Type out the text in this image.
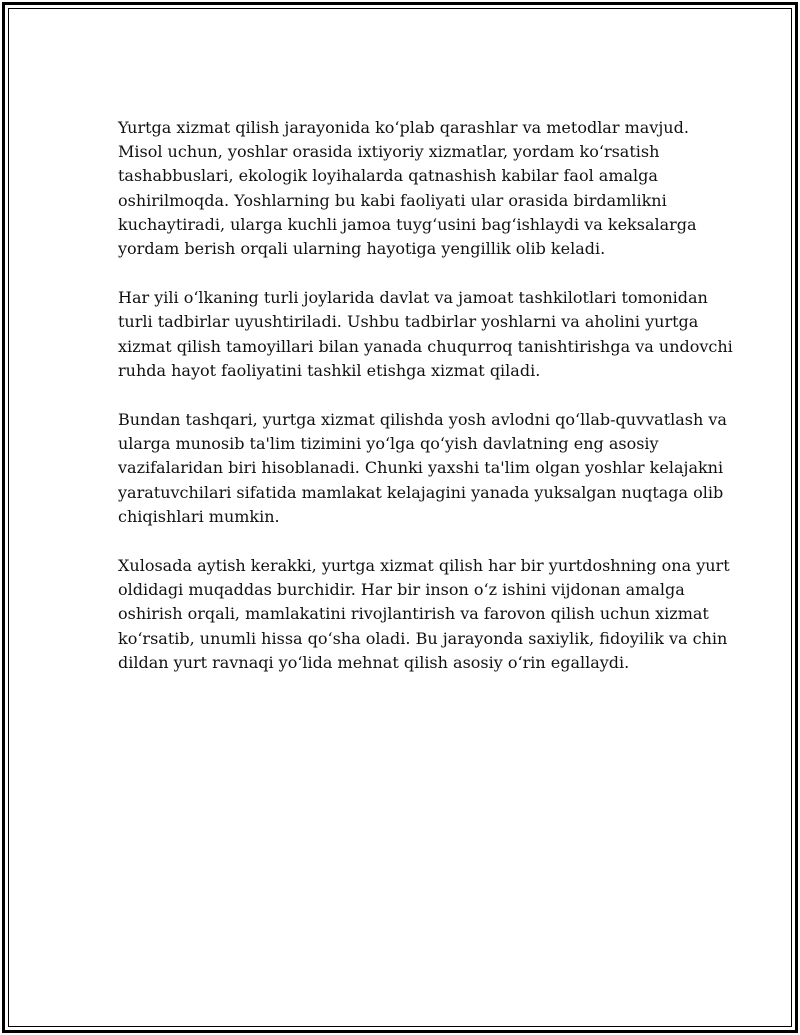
Yurtga xizmat qilish jarayonida ko‘plab qarashlar va metodlar mavjud.
Misol uchun, yoshlar orasida ixtiyoriy xizmatlar, yordam ko‘rsatish
tashabbuslari, ekologik loyihalarda qatnashish kabilar faol amalga
oshirilmoqda. Yoshlarning bu kabi faoliyati ular orasida birdamlikni
kuchaytiradi, ularga kuchli jamoa tuyg‘usini bag‘ishlaydi va keksalarga
yordam berish orqali ularning hayotiga yengillik olib keladi.

Har yili o‘lkaning turli joylarida davlat va jamoat tashkilotlari tomonidan
turli tadbirlar uyushtiriladi. Ushbu tadbirlar yoshlarni va aholini yurtga
xizmat qilish tamoyillari bilan yanada chuqurroq tanishtirishga va undovchi
ruhda hayot faoliyatini tashkil etishga xizmat qiladi.

Bundan tashqari, yurtga xizmat qilishda yosh avlodni qo‘llab-quvvatlash va
ularga munosib ta'lim tizimini yo‘lga qo‘yish davlatning eng asosiy
vazifalaridan biri hisoblanadi. Chunki yaxshi ta'lim olgan yoshlar kelajakni
yaratuvchilari sifatida mamlakat kelajagini yanada yuksalgan nuqtaga olib
chiqishlari mumkin.

Xulosada aytish kerakki, yurtga xizmat qilish har bir yurtdoshning ona yurt
oldidagi muqaddas burchidir. Har bir inson o‘z ishini vijdonan amalga
oshirish orqali, mamlakatini rivojlantirish va farovon qilish uchun xizmat
ko‘rsatib, unumli hissa qo‘sha oladi. Bu jarayonda saxiylik, fidoyilik va chin
dildan yurt ravnaqi yo‘lida mehnat qilish asosiy o‘rin egallaydi.
